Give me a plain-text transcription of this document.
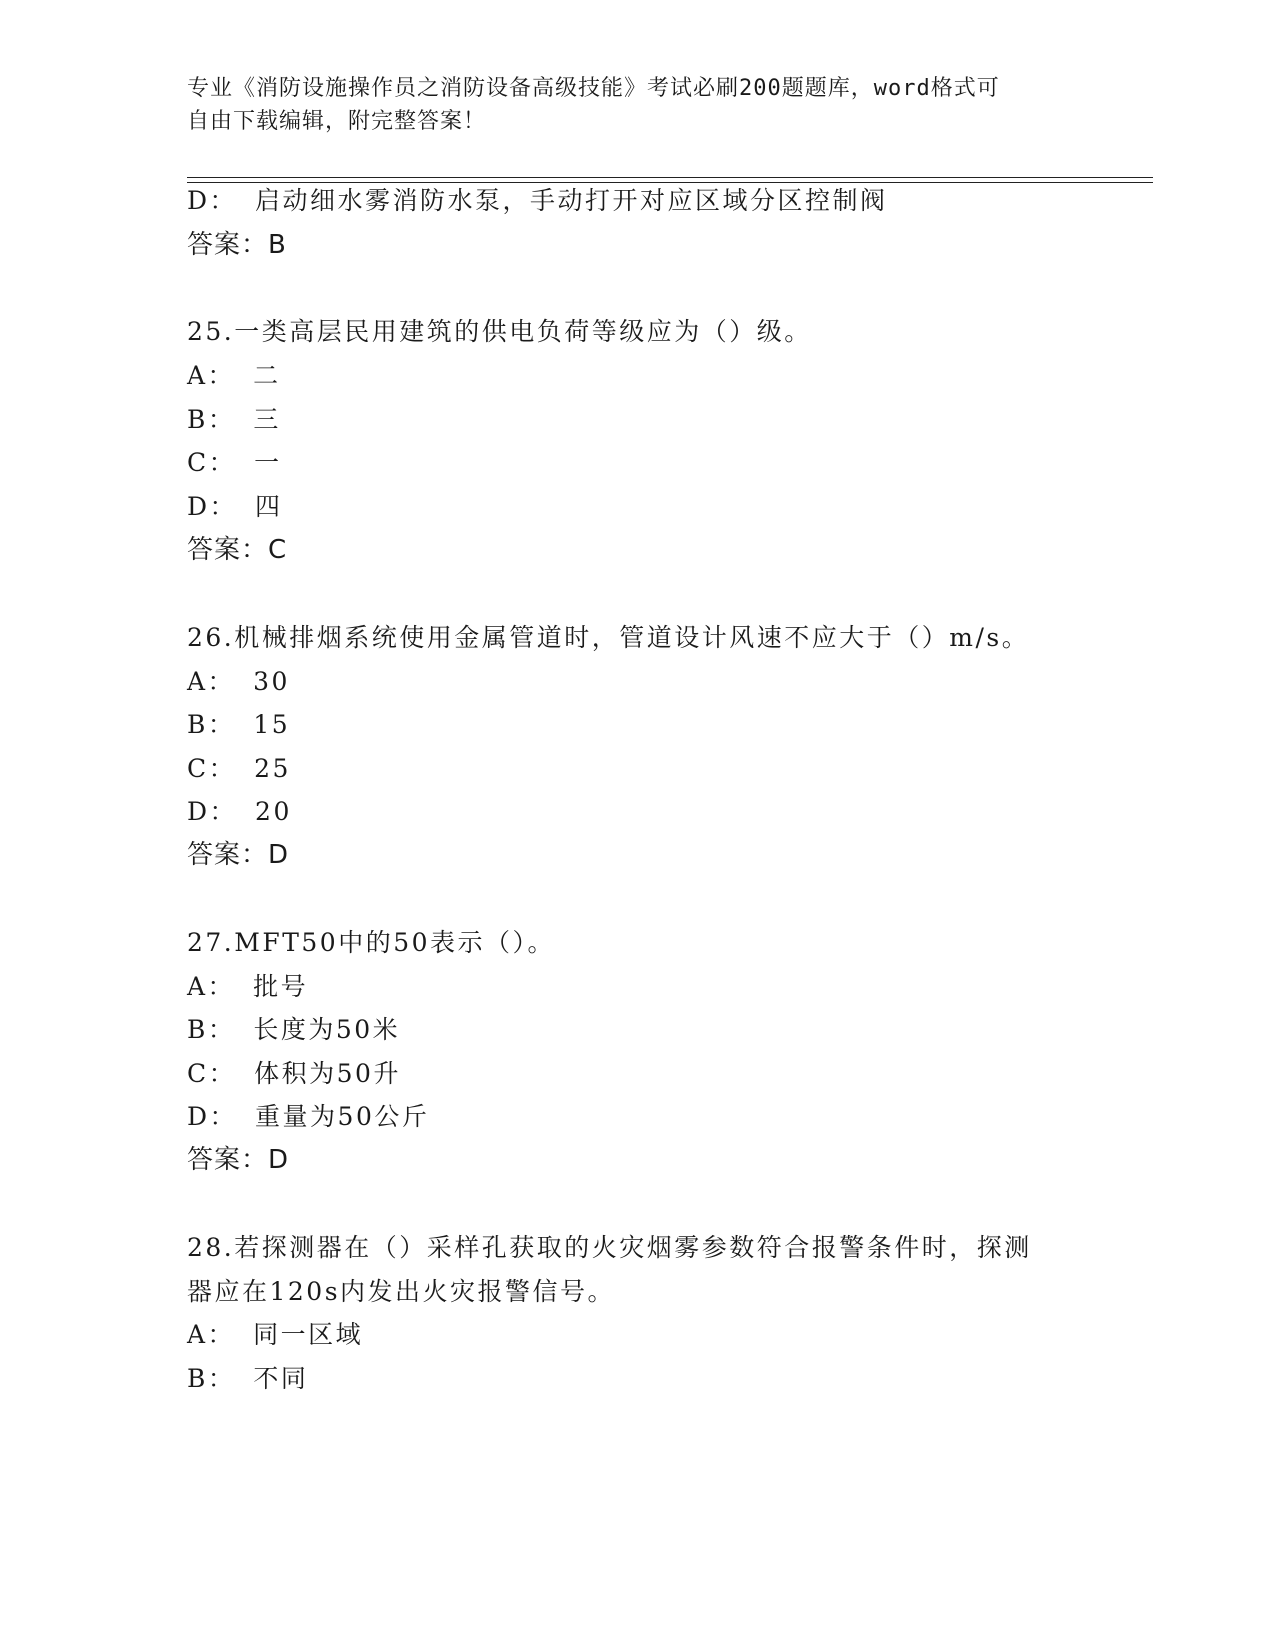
专业《消防设施操作员之消防设备高级技能》考试必刷200题题库，word格式可
自由下载编辑，附完整答案！
D： 启动细水雾消防水泵，手动打开对应区域分区控制阀
答案：B
25.一类高层民用建筑的供电负荷等级应为（）级。
A： 二
B： 三
C： 一
D： 四
答案：C
26.机械排烟系统使用金属管道时，管道设计风速不应大于（）m/s。
A： 30
B： 15
C： 25
D： 20
答案：D
27.MFT50中的50表示（）。
A： 批号
B： 长度为50米
C： 体积为50升
D： 重量为50公斤
答案：D
28.若探测器在（）采样孔获取的火灾烟雾参数符合报警条件时，探测
器应在120s内发出火灾报警信号。
A： 同一区域
B： 不同
